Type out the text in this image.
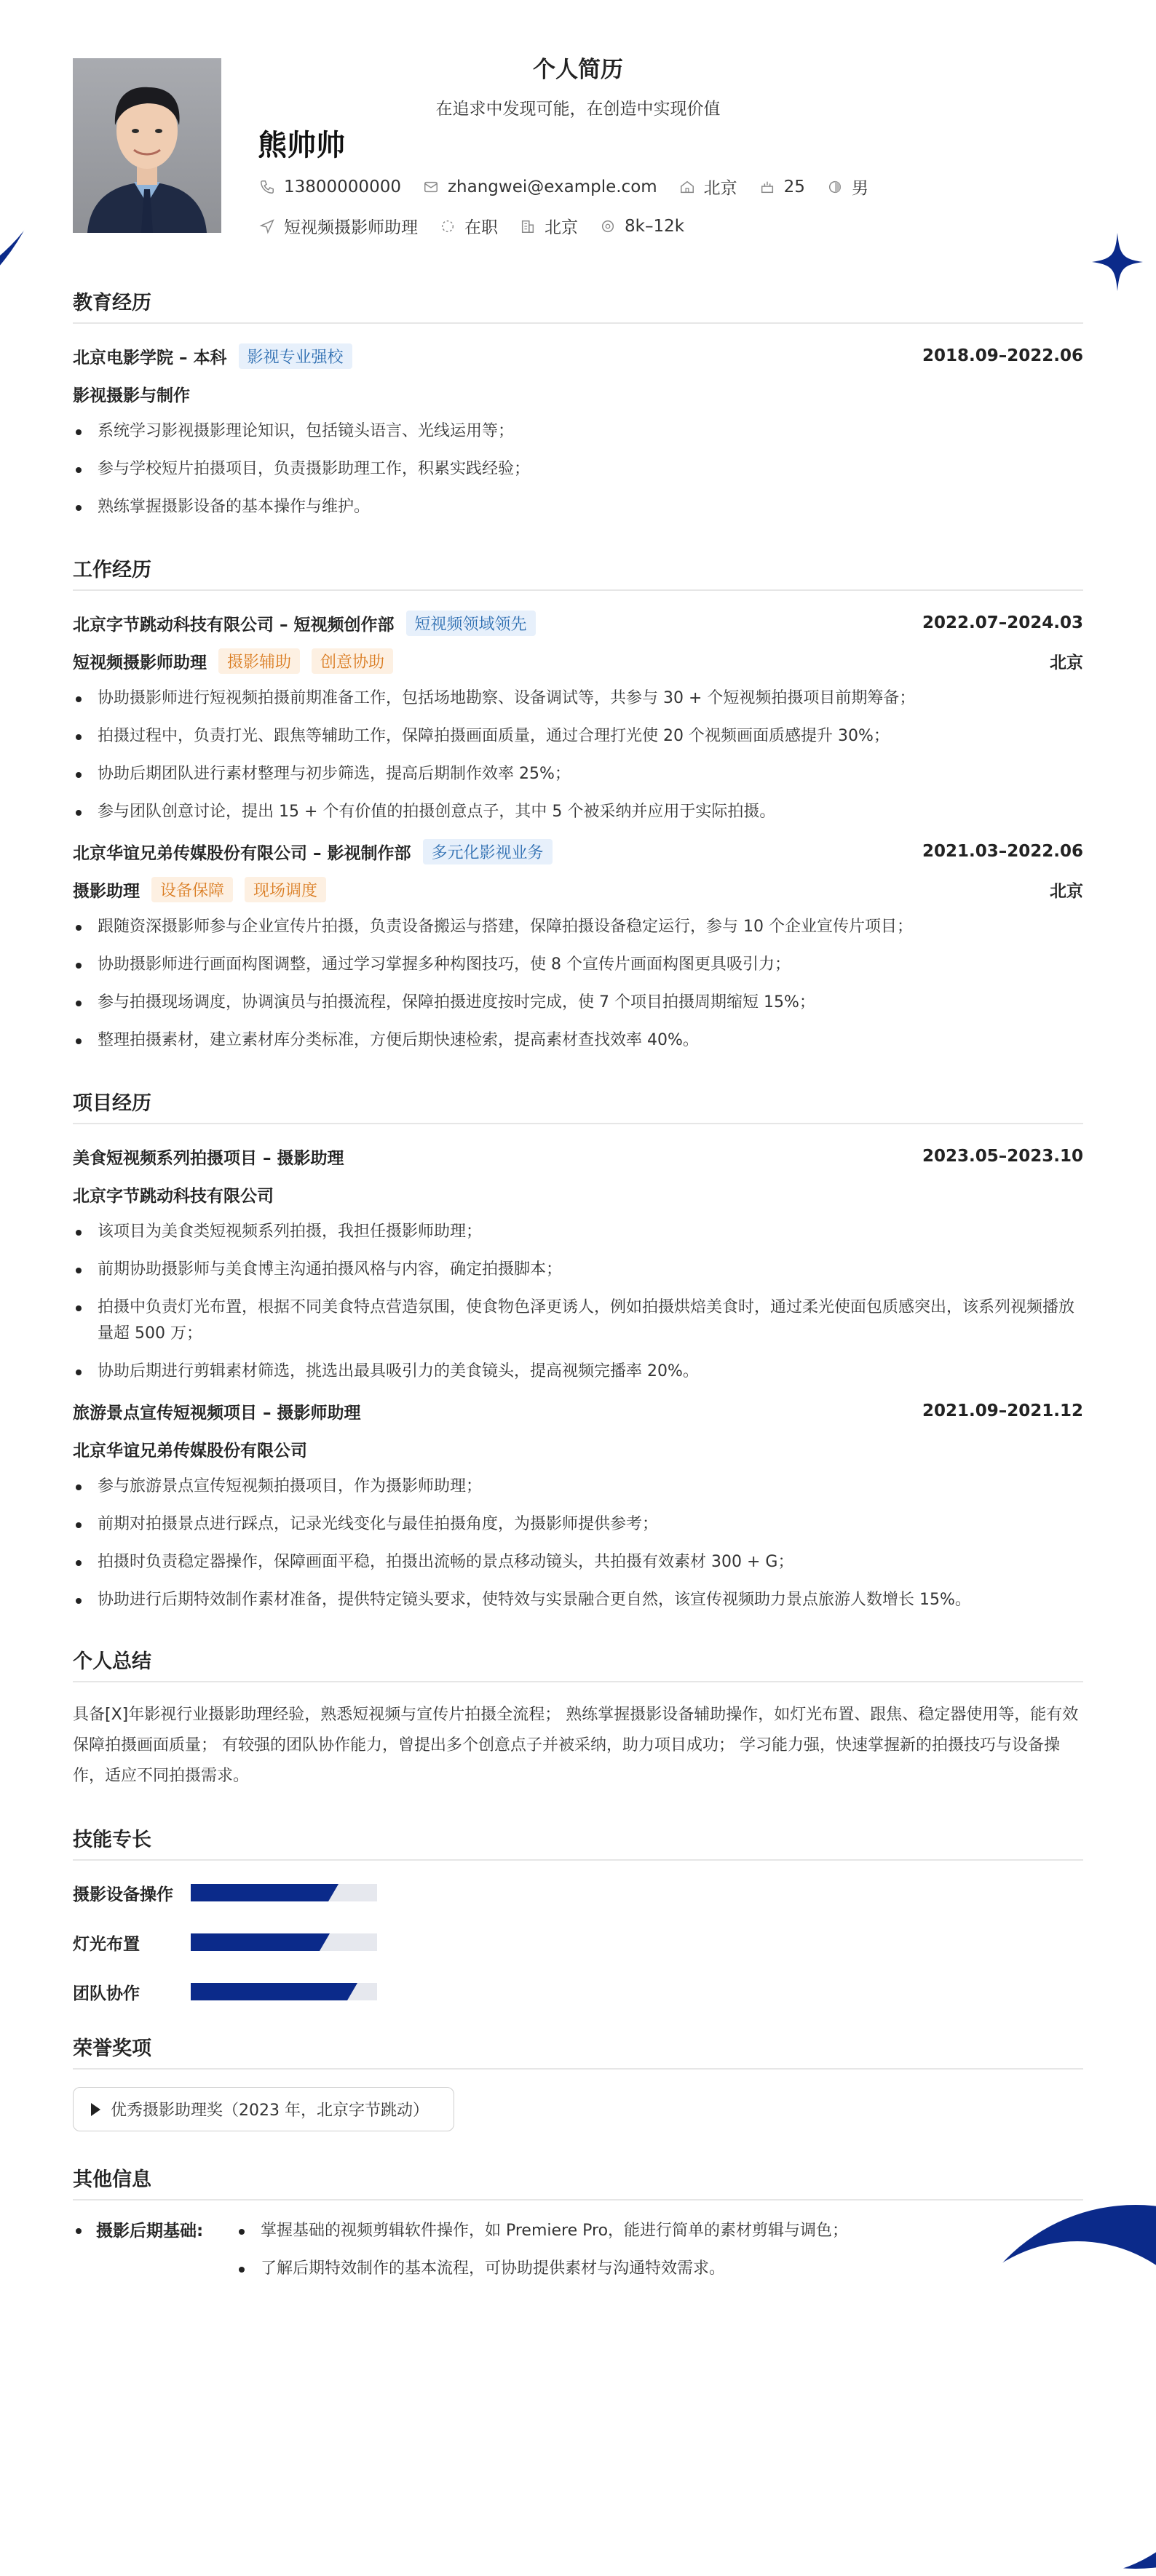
个人简历
在追求中发现可能，在创造中实现价值
熊帅帅
13800000000	zhangwei@example.com	北京	25	男
短视频摄影师助理	在职	北京	8k–12k
教育经历
北京电影学院 – 本科	影视专业强校	2018.09–2022.06
影视摄影与制作
系统学习影视摄影理论知识，包括镜头语言、光线运用等；
参与学校短片拍摄项目，负责摄影助理工作，积累实践经验；
熟练掌握摄影设备的基本操作与维护。
工作经历
北京字节跳动科技有限公司 – 短视频创作部	短视频领域领先	2022.07–2024.03
短视频摄影师助理	摄影辅助	创意协助	北京
协助摄影师进行短视频拍摄前期准备工作，包括场地勘察、设备调试等，共参与 30 + 个短视频拍摄项目前期筹备；
拍摄过程中，负责打光、跟焦等辅助工作，保障拍摄画面质量，通过合理打光使 20 个视频画面质感提升 30%；
协助后期团队进行素材整理与初步筛选，提高后期制作效率 25%；
参与团队创意讨论，提出 15 + 个有价值的拍摄创意点子，其中 5 个被采纳并应用于实际拍摄。
北京华谊兄弟传媒股份有限公司 – 影视制作部	多元化影视业务	2021.03–2022.06
摄影助理	设备保障	现场调度	北京
跟随资深摄影师参与企业宣传片拍摄，负责设备搬运与搭建，保障拍摄设备稳定运行，参与 10 个企业宣传片项目；
协助摄影师进行画面构图调整，通过学习掌握多种构图技巧，使 8 个宣传片画面构图更具吸引力；
参与拍摄现场调度，协调演员与拍摄流程，保障拍摄进度按时完成，使 7 个项目拍摄周期缩短 15%；
整理拍摄素材，建立素材库分类标准，方便后期快速检索，提高素材查找效率 40%。
项目经历
美食短视频系列拍摄项目 – 摄影助理	2023.05–2023.10
北京字节跳动科技有限公司
该项目为美食类短视频系列拍摄，我担任摄影师助理；
前期协助摄影师与美食博主沟通拍摄风格与内容，确定拍摄脚本；
拍摄中负责灯光布置，根据不同美食特点营造氛围，使食物色泽更诱人，例如拍摄烘焙美食时，通过柔光使面包质感突出，该系列视频播放量超 500 万；
协助后期进行剪辑素材筛选，挑选出最具吸引力的美食镜头，提高视频完播率 20%。
旅游景点宣传短视频项目 – 摄影师助理	2021.09–2021.12
北京华谊兄弟传媒股份有限公司
参与旅游景点宣传短视频拍摄项目，作为摄影师助理；
前期对拍摄景点进行踩点，记录光线变化与最佳拍摄角度，为摄影师提供参考；
拍摄时负责稳定器操作，保障画面平稳，拍摄出流畅的景点移动镜头，共拍摄有效素材 300 + G；
协助进行后期特效制作素材准备，提供特定镜头要求，使特效与实景融合更自然，该宣传视频助力景点旅游人数增长 15%。
个人总结
具备[X]年影视行业摄影助理经验，熟悉短视频与宣传片拍摄全流程； 熟练掌握摄影设备辅助操作，如灯光布置、跟焦、稳定器使用等，能有效保障拍摄画面质量； 有较强的团队协作能力，曾提出多个创意点子并被采纳，助力项目成功； 学习能力强，快速掌握新的拍摄技巧与设备操作，适应不同拍摄需求。
技能专长
摄影设备操作
灯光布置
团队协作
荣誉奖项
优秀摄影助理奖（2023 年，北京字节跳动）
其他信息
摄影后期基础:	掌握基础的视频剪辑软件操作，如 Premiere Pro，能进行简单的素材剪辑与调色；
了解后期特效制作的基本流程，可协助提供素材与沟通特效需求。
